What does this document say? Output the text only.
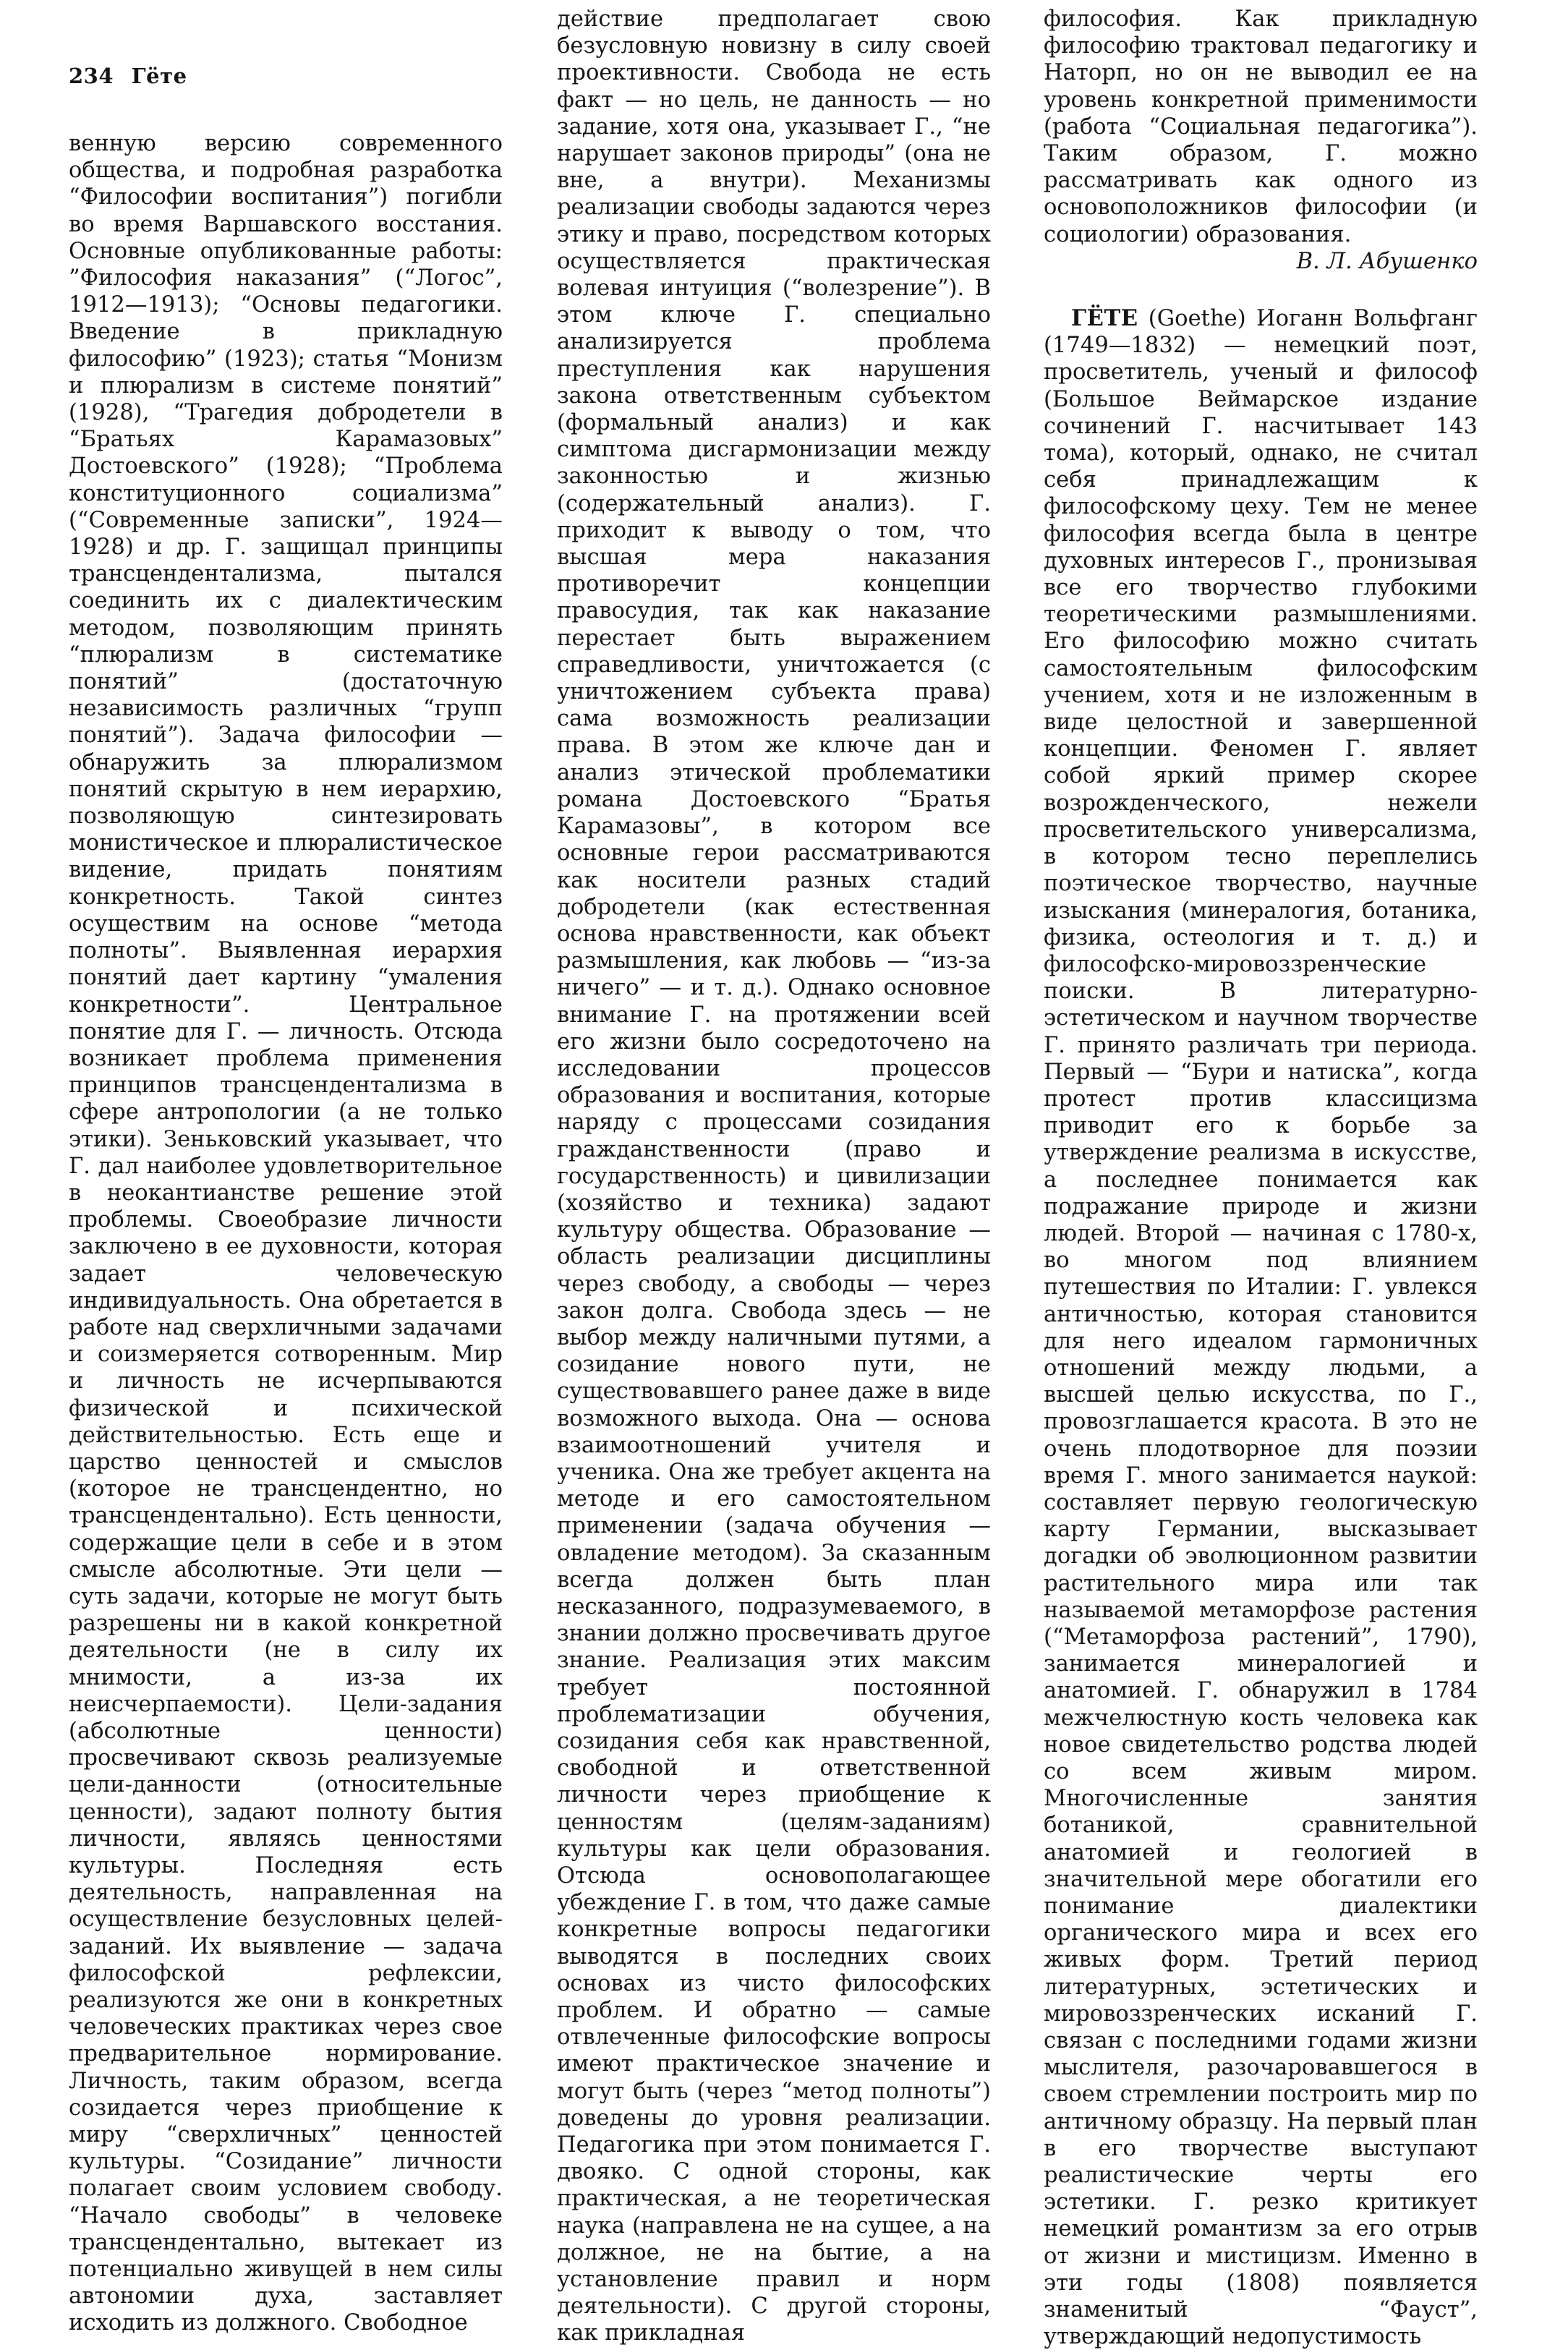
234 Гёте

венную версию современного общества, и подробная разработка “Философии воспитания”) погибли во время Варшавского восстания. Основные опубликованные работы: ”Философия наказания” (“Логос”, 1912—1913); “Основы педагогики. Введение в прикладную философию” (1923); статья “Монизм и плюрализм в системе понятий” (1928), “Трагедия добродетели в “Братьях Карамазовых” Достоевского” (1928); “Проблема конституционного социализма” (“Современные записки”, 1924—1928) и др. Г. защищал принципы трансцендентализма, пытался соединить их с диалектическим методом, позволяющим принять “плюрализм в систематике понятий” (достаточную независимость различных “групп понятий”). Задача философии — обнаружить за плюрализмом понятий скрытую в нем иерархию, позволяющую синтезировать монистическое и плюралистическое видение, придать понятиям конкретность. Такой синтез осуществим на основе “метода полноты”. Выявленная иерархия понятий дает картину “умаления конкретности”. Центральное понятие для Г. — личность. Отсюда возникает проблема применения принципов трансцендентализма в сфере антропологии (а не только этики). Зеньковский указывает, что Г. дал наиболее удовлетворительное в неокантианстве решение этой проблемы. Своеобразие личности заключено в ее духовности, которая задает человеческую индивидуальность. Она обретается в работе над сверхличными задачами и соизмеряется сотворенным. Мир и личность не исчерпываются физической и психической действительностью. Есть еще и царство ценностей и смыслов (которое не трансцендентно, но трансцендентально). Есть ценности, содержащие цели в себе и в этом смысле абсолютные. Эти цели — суть задачи, которые не могут быть разрешены ни в какой конкретной деятельности (не в силу их мнимости, а из-за их неисчерпаемости). Цели-задания (абсолютные ценности) просвечивают сквозь реализуемые цели-данности (относительные ценности), задают полноту бытия личности, являясь ценностями культуры. Последняя есть деятельность, направленная на осуществление безусловных целей-заданий. Их выявление — задача философской рефлексии, реализуются же они в конкретных человеческих практиках через свое предварительное нормирование. Личность, таким образом, всегда созидается через приобщение к миру “сверхличных” ценностей культуры. “Созидание” личности полагает своим условием свободу. “Начало свободы” в человеке трансцендентально, вытекает из потенциально живущей в нем силы автономии духа, заставляет исходить из должного. Свободное

действие предполагает свою безусловную новизну в силу своей проективности. Свобода не есть факт — но цель, не данность — но задание, хотя она, указывает Г., “не нарушает законов природы” (она не вне, а внутри). Механизмы реализации свободы задаются через этику и право, посредством которых осуществляется практическая волевая интуиция (“волезрение”). В этом ключе Г. специально анализируется проблема преступления как нарушения закона ответственным субъектом (формальный анализ) и как симптома дисгармонизации между законностью и жизнью (содержательный анализ). Г. приходит к выводу о том, что высшая мера наказания противоречит концепции правосудия, так как наказание перестает быть выражением справедливости, уничтожается (с уничтожением субъекта права) сама возможность реализации права. В этом же ключе дан и анализ этической проблематики романа Достоевского “Братья Карамазовы”, в котором все основные герои рассматриваются как носители разных стадий добродетели (как естественная основа нравственности, как объект размышления, как любовь — “из-за ничего” — и т. д.). Однако основное внимание Г. на протяжении всей его жизни было сосредоточено на исследовании процессов образования и воспитания, которые наряду с процессами созидания гражданственности (право и государственность) и цивилизации (хозяйство и техника) задают культуру общества. Образование — область реализации дисциплины через свободу, а свободы — через закон долга. Свобода здесь — не выбор между наличными путями, а созидание нового пути, не существовавшего ранее даже в виде возможного выхода. Она — основа взаимоотношений учителя и ученика. Она же требует акцента на методе и его самостоятельном применении (задача обучения — овладение методом). За сказанным всегда должен быть план несказанного, подразумеваемого, в знании должно просвечивать другое знание. Реализация этих максим требует постоянной проблематизации обучения, созидания себя как нравственной, свободной и ответственной личности через приобщение к ценностям (целям-заданиям) культуры как цели образования. Отсюда основополагающее убеждение Г. в том, что даже самые конкретные вопросы педагогики выводятся в последних своих основах из чисто философских проблем. И обратно — самые отвлеченные философские вопросы имеют практическое значение и могут быть (через “метод полноты”) доведены до уровня реализации. Педагогика при этом понимается Г. двояко. С одной стороны, как практическая, а не теоретическая наука (направлена не на сущее, а на должное, не на бытие, а на установление правил и норм деятельности). С другой стороны, как прикладная

философия. Как прикладную философию трактовал педагогику и Наторп, но он не выводил ее на уровень конкретной применимости (работа “Социальная педагогика”). Таким образом, Г. можно рассматривать как одного из основоположников философии (и социологии) образования.

В. Л. Абушенко

ГЁТЕ (Goethe) Иоганн Вольфганг (1749—1832) — немецкий поэт, просветитель, ученый и философ (Большое Веймарское издание сочинений Г. насчитывает 143 тома), который, однако, не считал себя принадлежащим к философскому цеху. Тем не менее философия всегда была в центре духовных интересов Г., пронизывая все его творчество глубокими теоретическими размышлениями. Его философию можно считать самостоятельным философским учением, хотя и не изложенным в виде целостной и завершенной концепции. Феномен Г. являет собой яркий пример скорее возрожденческого, нежели просветительского универсализма, в котором тесно переплелись поэтическое творчество, научные изыскания (минералогия, ботаника, физика, остеология и т. д.) и философско-мировоззренческие поиски. В литературно-эстетическом и научном творчестве Г. принято различать три периода. Первый — “Бури и натиска”, когда протест против классицизма приводит его к борьбе за утверждение реализма в искусстве, а последнее понимается как подражание природе и жизни людей. Второй — начиная с 1780-х, во многом под влиянием путешествия по Италии: Г. увлекся античностью, которая становится для него идеалом гармоничных отношений между людьми, а высшей целью искусства, по Г., провозглашается красота. В это не очень плодотворное для поэзии время Г. много занимается наукой: составляет первую геологическую карту Германии, высказывает догадки об эволюционном развитии растительного мира или так называемой метаморфозе растения (“Метаморфоза растений”, 1790), занимается минералогией и анатомией. Г. обнаружил в 1784 межчелюстную кость человека как новое свидетельство родства людей со всем живым миром. Многочисленные занятия ботаникой, сравнительной анатомией и геологией в значительной мере обогатили его понимание диалектики органического мира и всех его живых форм. Третий период литературных, эстетических и мировоззренческих исканий Г. связан с последними годами жизни мыслителя, разочаровавшегося в своем стремлении построить мир по античному образцу. На первый план в его творчестве выступают реалистические черты его эстетики. Г. резко критикует немецкий романтизм за его отрыв от жизни и мистицизм. Именно в эти годы (1808) появляется знаменитый “Фауст”, утверждающий недопустимость
